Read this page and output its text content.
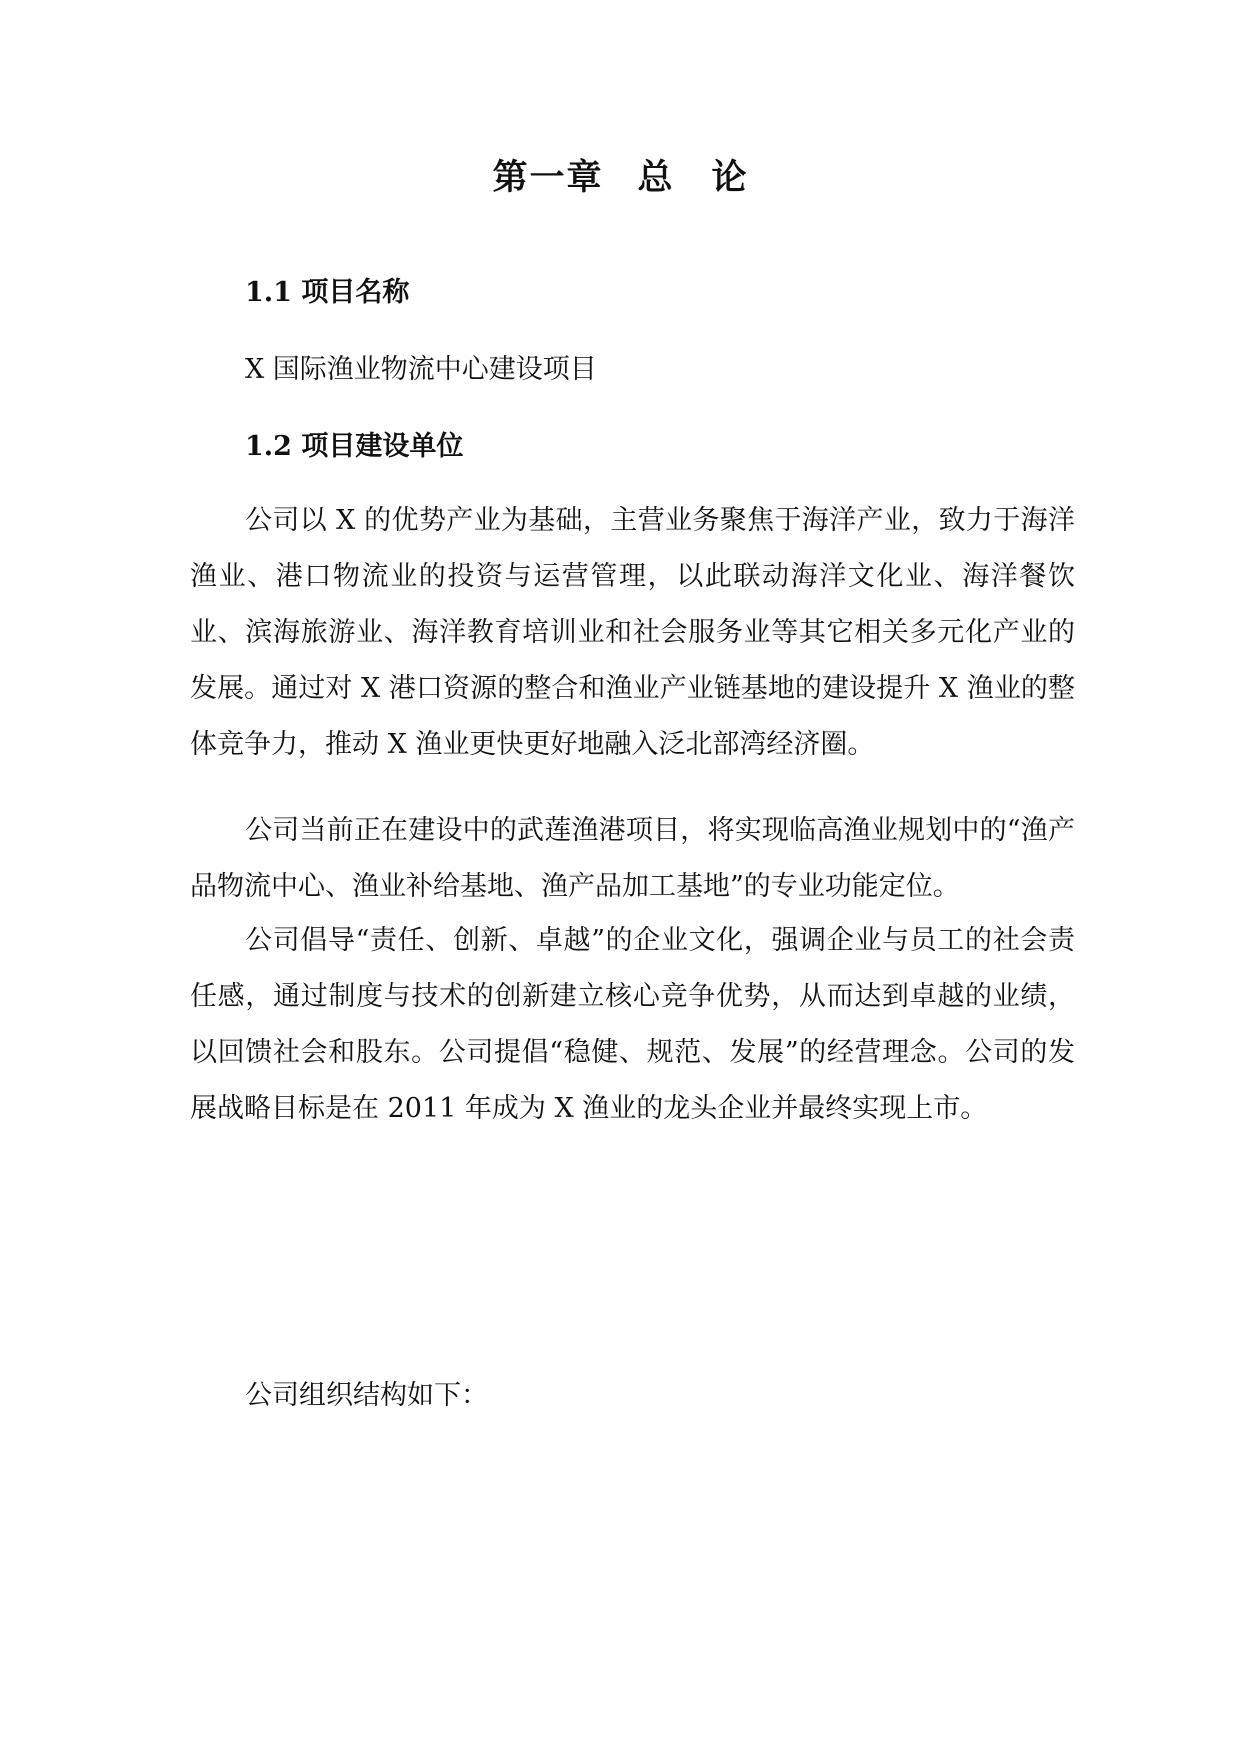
第一章 总　论
1.1 项目名称

X 国际渔业物流中心建设项目

1.2 项目建设单位

公司以 X 的优势产业为基础，主营业务聚焦于海洋产业，致力于海洋渔业、港口物流业的投资与运营管理，以此联动海洋文化业、海洋餐饮业、滨海旅游业、海洋教育培训业和社会服务业等其它相关多元化产业的发展。通过对 X 港口资源的整合和渔业产业链基地的建设提升 X 渔业的整体竞争力，推动 X 渔业更快更好地融入泛北部湾经济圈。

公司当前正在建设中的武莲渔港项目，将实现临高渔业规划中的“渔产品物流中心、渔业补给基地、渔产品加工基地”的专业功能定位。

公司倡导“责任、创新、卓越”的企业文化，强调企业与员工的社会责任感，通过制度与技术的创新建立核心竞争优势，从而达到卓越的业绩，以回馈社会和股东。公司提倡“稳健、规范、发展”的经营理念。公司的发展战略目标是在 2011 年成为 X 渔业的龙头企业并最终实现上市。

公司组织结构如下：
